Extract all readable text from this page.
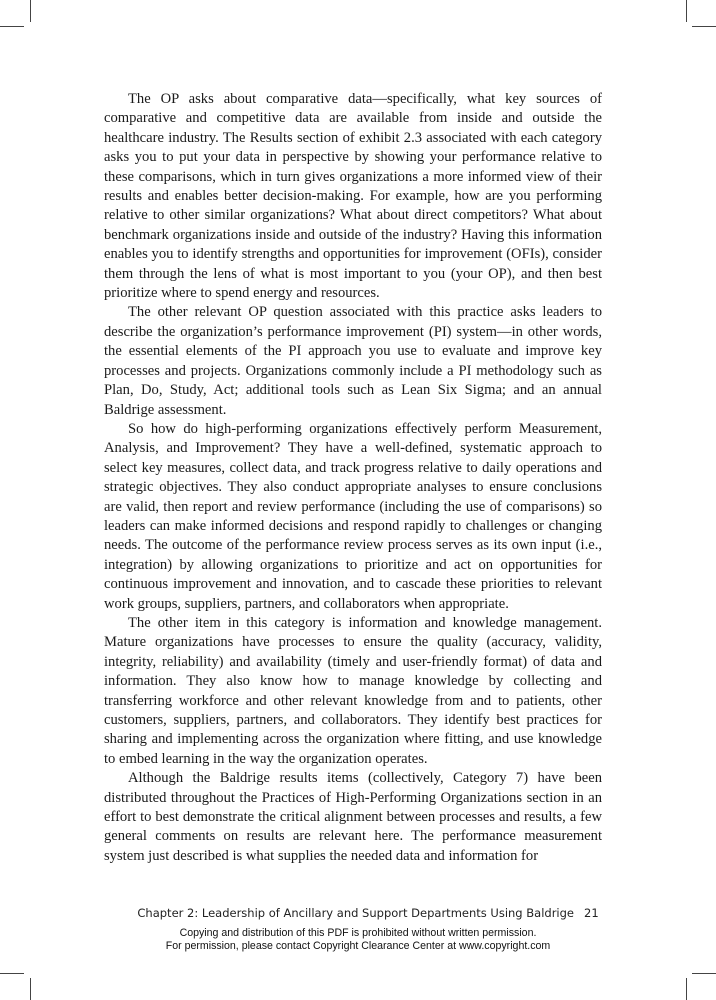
The OP asks about comparative data—specifically, what key sources of comparative and competitive data are available from inside and outside the healthcare industry. The Results section of exhibit 2.3 associated with each category asks you to put your data in perspective by showing your performance relative to these comparisons, which in turn gives organizations a more informed view of their results and enables better decision-making. For example, how are you performing relative to other similar organizations? What about direct competitors? What about benchmark organizations inside and outside of the industry? Having this information enables you to identify strengths and opportunities for improvement (OFIs), consider them through the lens of what is most important to you (your OP), and then best prioritize where to spend energy and resources.

The other relevant OP question associated with this practice asks leaders to describe the organization’s performance improvement (PI) system—in other words, the essential elements of the PI approach you use to evaluate and improve key processes and projects. Organizations commonly include a PI methodology such as Plan, Do, Study, Act; additional tools such as Lean Six Sigma; and an annual Baldrige assessment.

So how do high-performing organizations effectively perform Measurement, Analysis, and Improvement? They have a well-defined, systematic approach to select key measures, collect data, and track progress relative to daily operations and strategic objectives. They also conduct appropriate analyses to ensure conclusions are valid, then report and review performance (including the use of comparisons) so leaders can make informed decisions and respond rapidly to challenges or changing needs. The outcome of the performance review process serves as its own input (i.e., integration) by allowing organizations to prioritize and act on opportunities for continuous improvement and innovation, and to cascade these priorities to relevant work groups, suppliers, partners, and collaborators when appropriate.

The other item in this category is information and knowledge management. Mature organizations have processes to ensure the quality (accuracy, validity, integrity, reliability) and availability (timely and user-friendly format) of data and information. They also know how to manage knowledge by collecting and transferring workforce and other relevant knowledge from and to patients, other customers, suppliers, partners, and collaborators. They identify best practices for sharing and implementing across the organization where fitting, and use knowledge to embed learning in the way the organization operates.

Although the Baldrige results items (collectively, Category 7) have been distributed throughout the Practices of High-Performing Organizations section in an effort to best demonstrate the critical alignment between processes and results, a few general comments on results are relevant here. The performance measurement system just described is what supplies the needed data and information for

Chapter 2: Leadership of Ancillary and Support Departments Using Baldrige 21
Copying and distribution of this PDF is prohibited without written permission.
For permission, please contact Copyright Clearance Center at www.copyright.com
